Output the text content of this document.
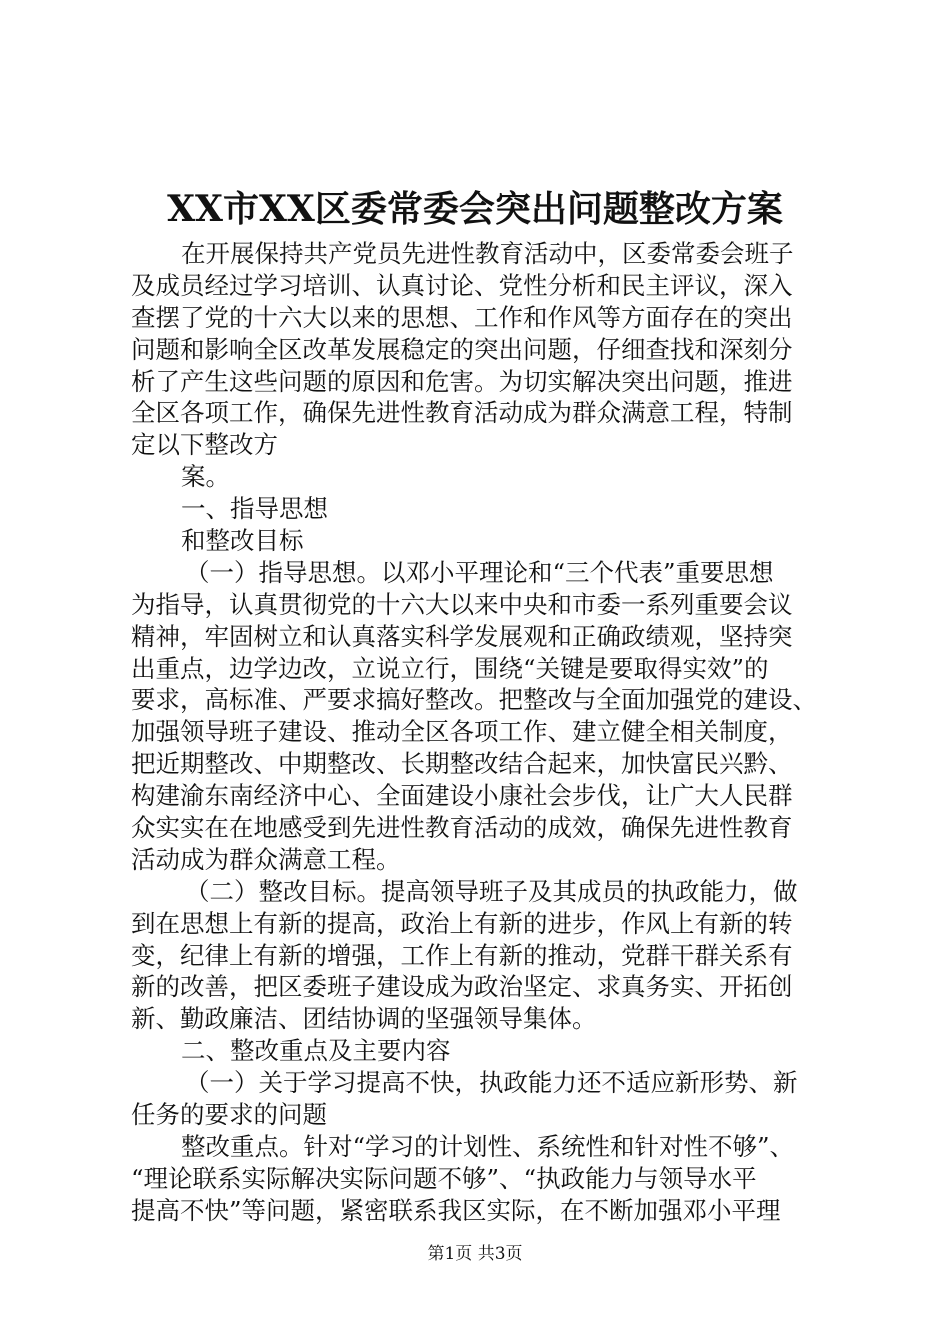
XX市XX区委常委会突出问题整改方案
在开展保持共产党员先进性教育活动中，区委常委会班子
及成员经过学习培训、认真讨论、党性分析和民主评议，深入
查摆了党的十六大以来的思想、工作和作风等方面存在的突出
问题和影响全区改革发展稳定的突出问题，仔细查找和深刻分
析了产生这些问题的原因和危害。为切实解决突出问题，推进
全区各项工作，确保先进性教育活动成为群众满意工程，特制
定以下整改方
案。
一、指导思想
和整改目标
（一）指导思想。以邓小平理论和“三个代表”重要思想
为指导，认真贯彻党的十六大以来中央和市委一系列重要会议
精神，牢固树立和认真落实科学发展观和正确政绩观，坚持突
出重点，边学边改，立说立行，围绕“关键是要取得实效”的
要求，高标准、严要求搞好整改。把整改与全面加强党的建设、
加强领导班子建设、推动全区各项工作、建立健全相关制度，
把近期整改、中期整改、长期整改结合起来，加快富民兴黔、
构建渝东南经济中心、全面建设小康社会步伐，让广大人民群
众实实在在地感受到先进性教育活动的成效，确保先进性教育
活动成为群众满意工程。
（二）整改目标。提高领导班子及其成员的执政能力，做
到在思想上有新的提高，政治上有新的进步，作风上有新的转
变，纪律上有新的增强，工作上有新的推动，党群干群关系有
新的改善，把区委班子建设成为政治坚定、求真务实、开拓创
新、勤政廉洁、团结协调的坚强领导集体。
二、整改重点及主要内容
（一）关于学习提高不快，执政能力还不适应新形势、新
任务的要求的问题
整改重点。针对“学习的计划性、系统性和针对性不够”、
“理论联系实际解决实际问题不够”、“执政能力与领导水平
提高不快”等问题，紧密联系我区实际，在不断加强邓小平理
第1页 共3页
